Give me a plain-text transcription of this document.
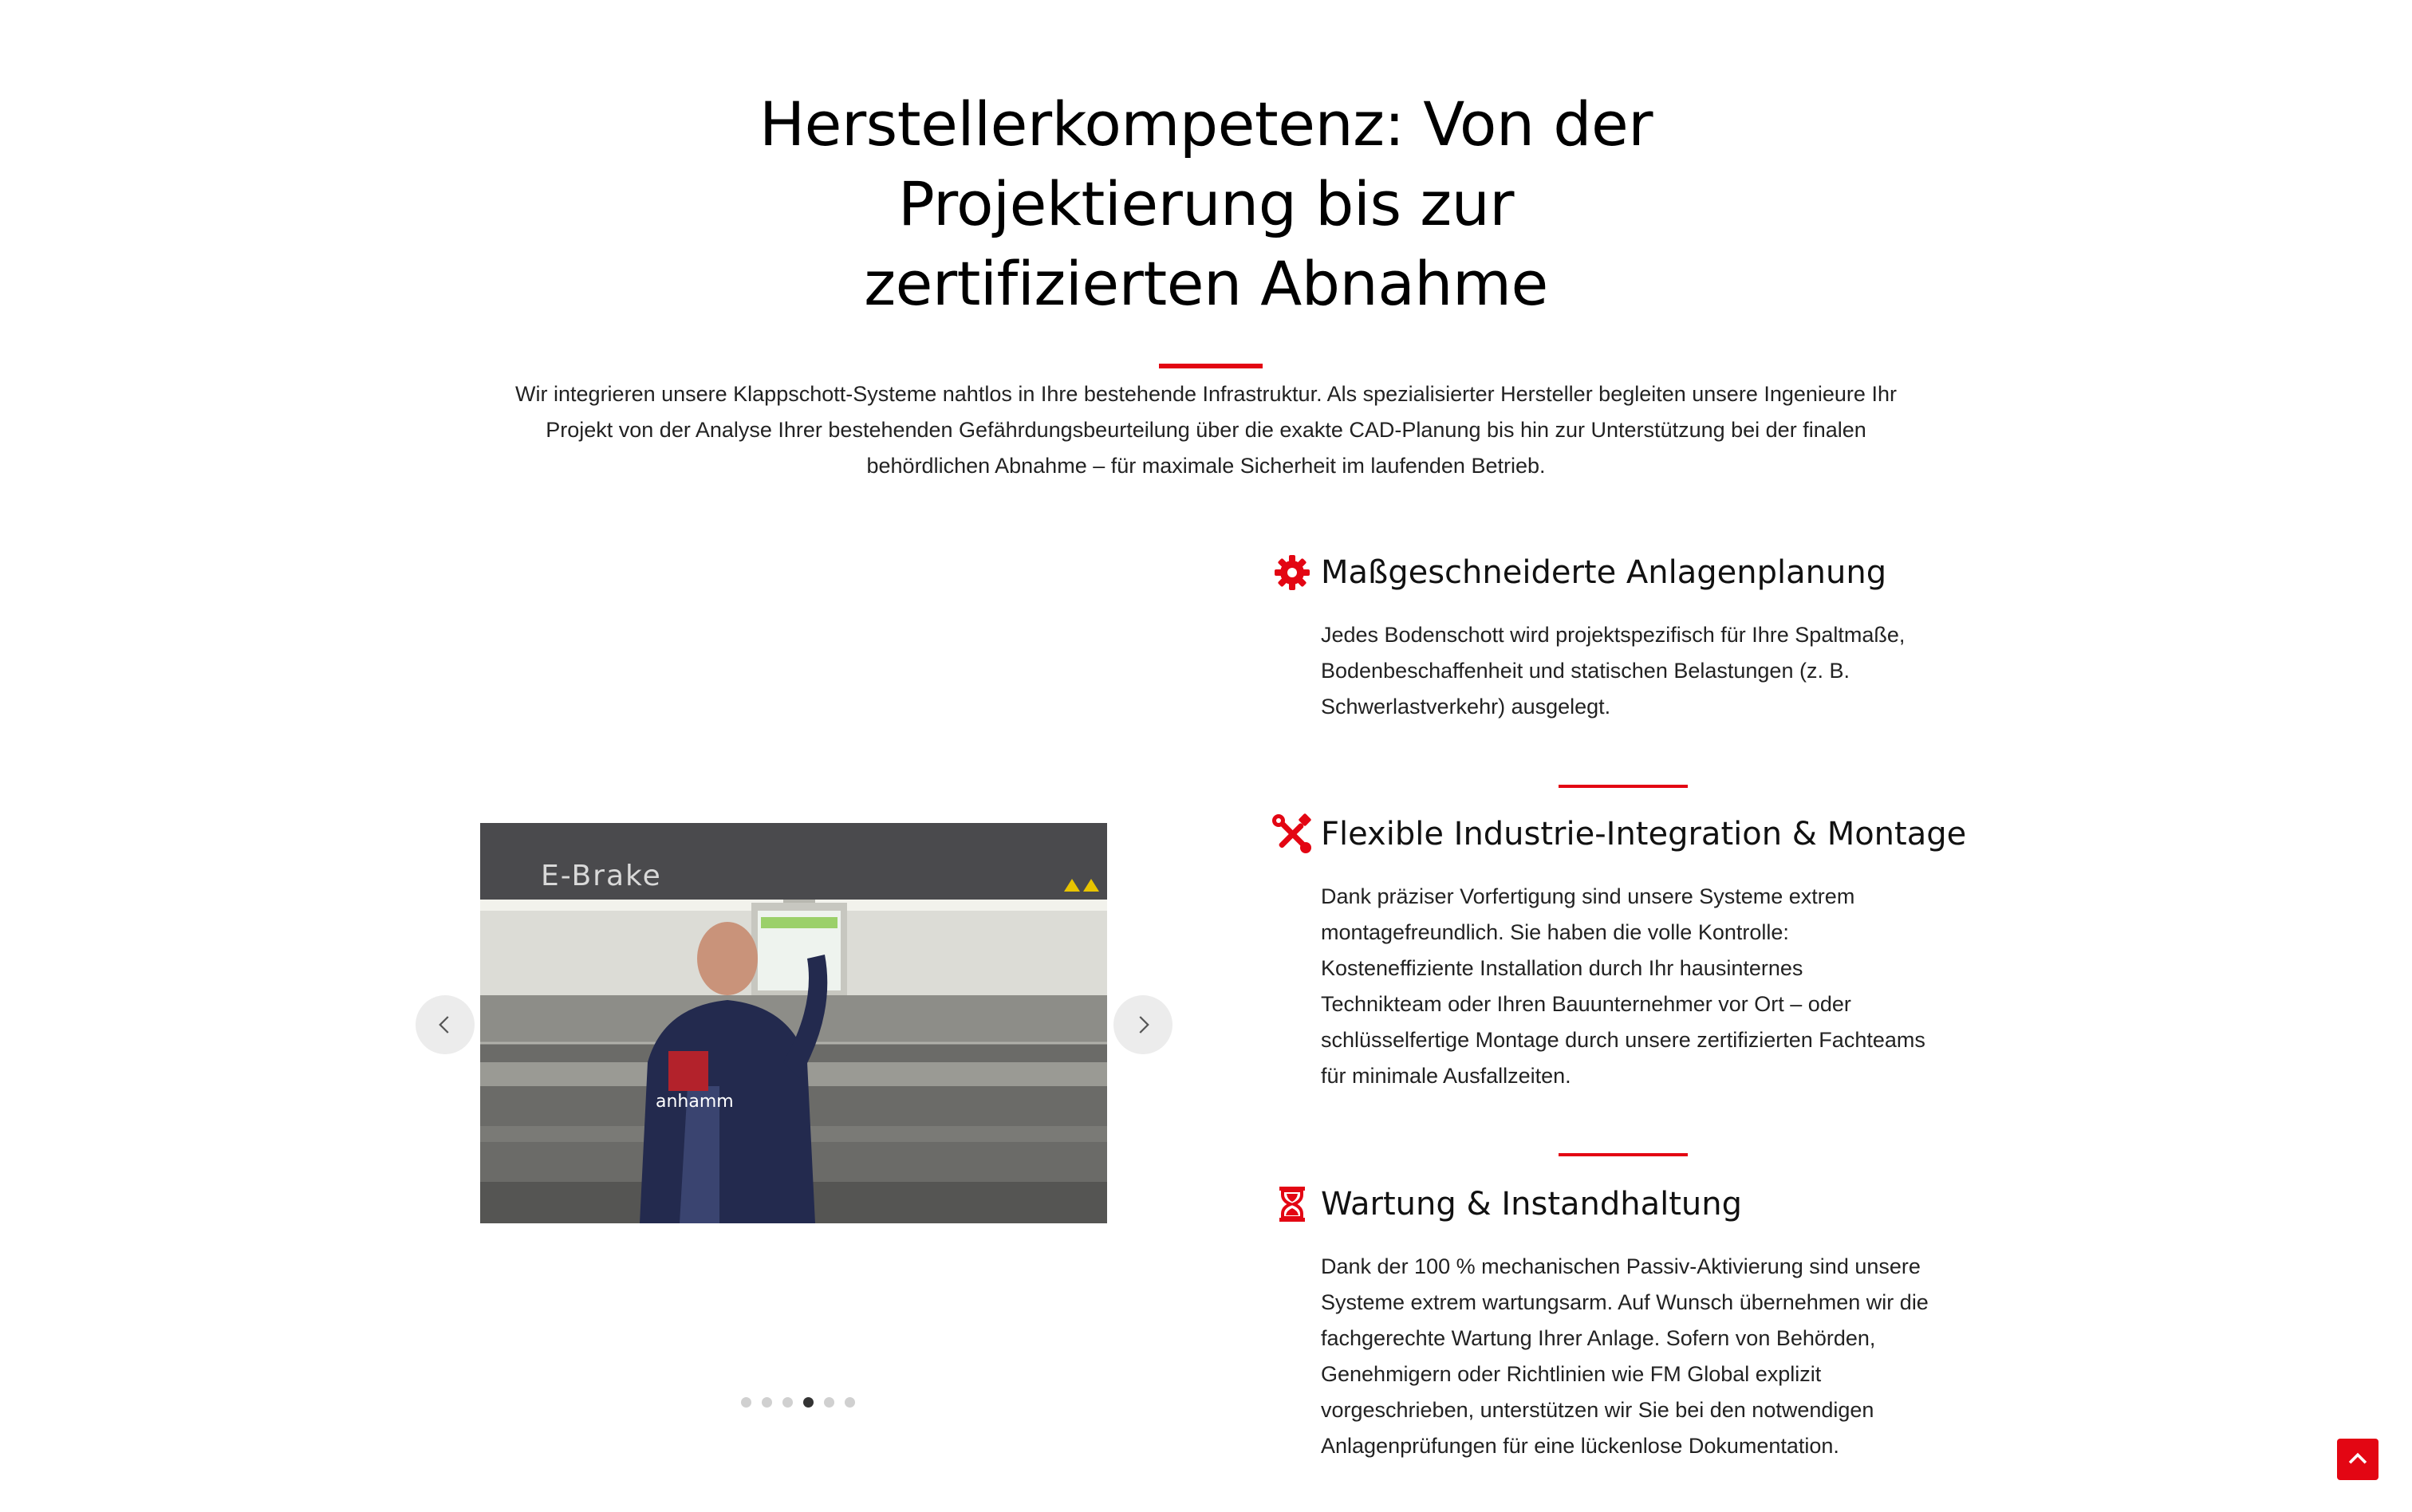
Herstellerkompetenz: Von der
Projektierung bis zur
zertifizierten Abnahme

Wir integrieren unsere Klappschott-Systeme nahtlos in Ihre bestehende Infrastruktur. Als spezialisierter Hersteller begleiten unsere Ingenieure Ihr
Projekt von der Analyse Ihrer bestehenden Gefährdungsbeurteilung über die exakte CAD-Planung bis hin zur Unterstützung bei der finalen
behördlichen Abnahme – für maximale Sicherheit im laufenden Betrieb.

anhamm
E-Brake
Maßgeschneiderte Anlagenplanung

Jedes Bodenschott wird projektspezifisch für Ihre Spaltmaße,
Bodenbeschaffenheit und statischen Belastungen (z. B.
Schwerlastverkehr) ausgelegt.

Flexible Industrie-Integration & Montage

Dank präziser Vorfertigung sind unsere Systeme extrem
montagefreundlich. Sie haben die volle Kontrolle:
Kosteneffiziente Installation durch Ihr hausinternes
Technikteam oder Ihren Bauunternehmer vor Ort – oder
schlüsselfertige Montage durch unsere zertifizierten Fachteams
für minimale Ausfallzeiten.

Wartung & Instandhaltung

Dank der 100 % mechanischen Passiv-Aktivierung sind unsere
Systeme extrem wartungsarm. Auf Wunsch übernehmen wir die
fachgerechte Wartung Ihrer Anlage. Sofern von Behörden,
Genehmigern oder Richtlinien wie FM Global explizit
vorgeschrieben, unterstützen wir Sie bei den notwendigen
Anlagenprüfungen für eine lückenlose Dokumentation.
